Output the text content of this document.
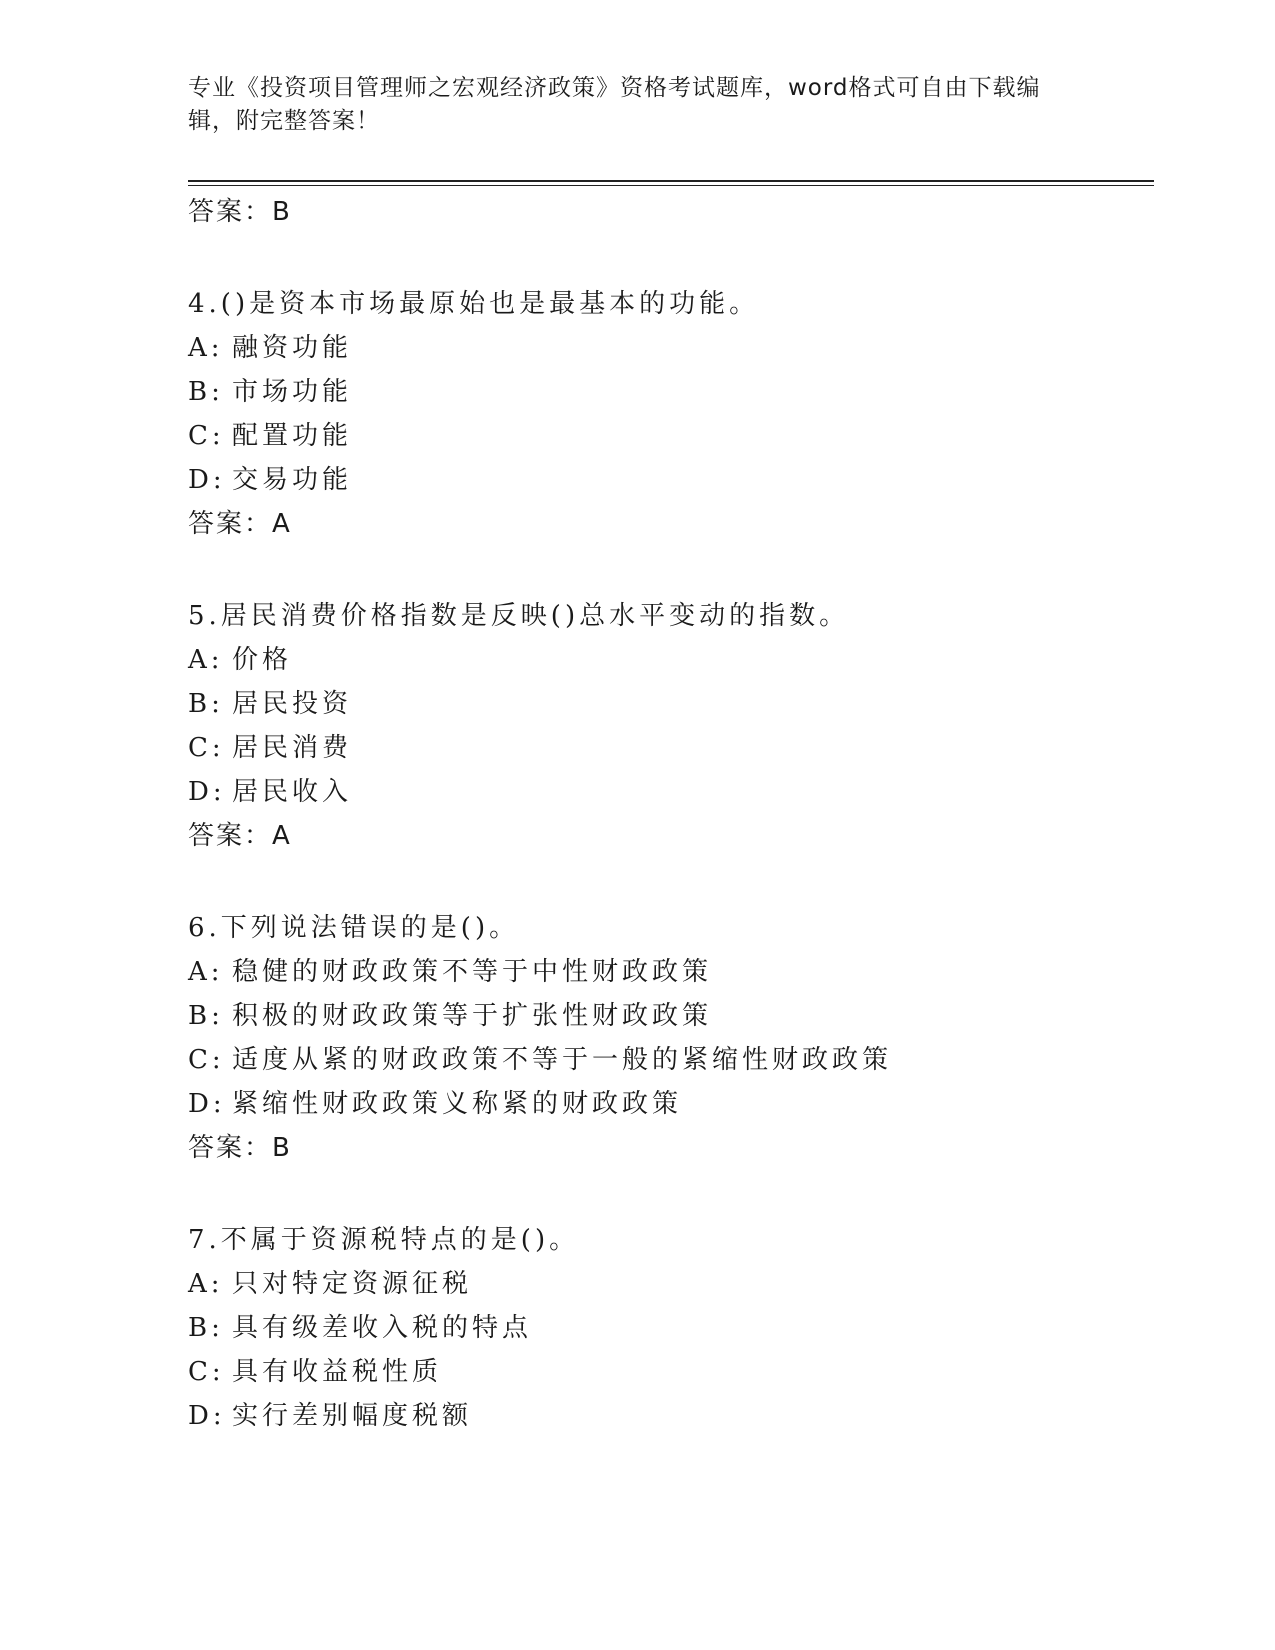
专业《投资项目管理师之宏观经济政策》资格考试题库，word格式可自由下载编辑，附完整答案！
答案：B
4.()是资本市场最原始也是最基本的功能。
A: 融资功能
B: 市场功能
C: 配置功能
D: 交易功能
答案：A
5.居民消费价格指数是反映()总水平变动的指数。
A: 价格
B: 居民投资
C: 居民消费
D: 居民收入
答案：A
6.下列说法错误的是()。
A: 稳健的财政政策不等于中性财政政策
B: 积极的财政政策等于扩张性财政政策
C: 适度从紧的财政政策不等于一般的紧缩性财政政策
D: 紧缩性财政政策义称紧的财政政策
答案：B
7.不属于资源税特点的是()。
A: 只对特定资源征税
B: 具有级差收入税的特点
C: 具有收益税性质
D: 实行差别幅度税额
